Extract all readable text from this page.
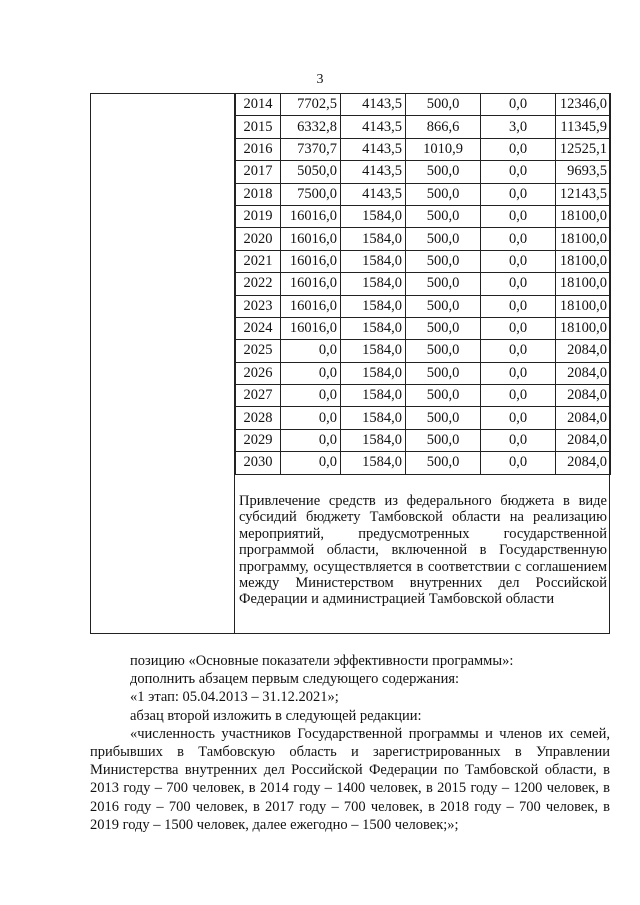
3
2014	7702,5	4143,5	500,0	0,0	12346,0
2015	6332,8	4143,5	866,6	3,0	11345,9
2016	7370,7	4143,5	1010,9	0,0	12525,1
2017	5050,0	4143,5	500,0	0,0	9693,5
2018	7500,0	4143,5	500,0	0,0	12143,5
2019	16016,0	1584,0	500,0	0,0	18100,0
2020	16016,0	1584,0	500,0	0,0	18100,0
2021	16016,0	1584,0	500,0	0,0	18100,0
2022	16016,0	1584,0	500,0	0,0	18100,0
2023	16016,0	1584,0	500,0	0,0	18100,0
2024	16016,0	1584,0	500,0	0,0	18100,0
2025	0,0	1584,0	500,0	0,0	2084,0
2026	0,0	1584,0	500,0	0,0	2084,0
2027	0,0	1584,0	500,0	0,0	2084,0
2028	0,0	1584,0	500,0	0,0	2084,0
2029	0,0	1584,0	500,0	0,0	2084,0
2030	0,0	1584,0	500,0	0,0	2084,0
Привлечение средств из федерального бюджета в виде субсидий бюджету Тамбовской области на реализацию мероприятий, предусмотренных государственной программой области, включенной в Государственную программу, осуществляется в соответствии с соглашением между Министерством внутренних дел Российской Федерации и администрацией Тамбовской области

позицию «Основные показатели эффективности программы»:

дополнить абзацем первым следующего содержания:

«1 этап: 05.04.2013 – 31.12.2021»;

абзац второй изложить в следующей редакции:

«численность участников Государственной программы и членов их семей, прибывших в Тамбовскую область и зарегистрированных в Управлении Министерства внутренних дел Российской Федерации по Тамбовской области, в 2013 году – 700 человек, в 2014 году – 1400 человек, в 2015 году – 1200 человек, в 2016 году – 700 человек, в 2017 году – 700 человек, в 2018 году – 700 человек, в 2019 году – 1500 человек, далее ежегодно – 1500 человек;»;
